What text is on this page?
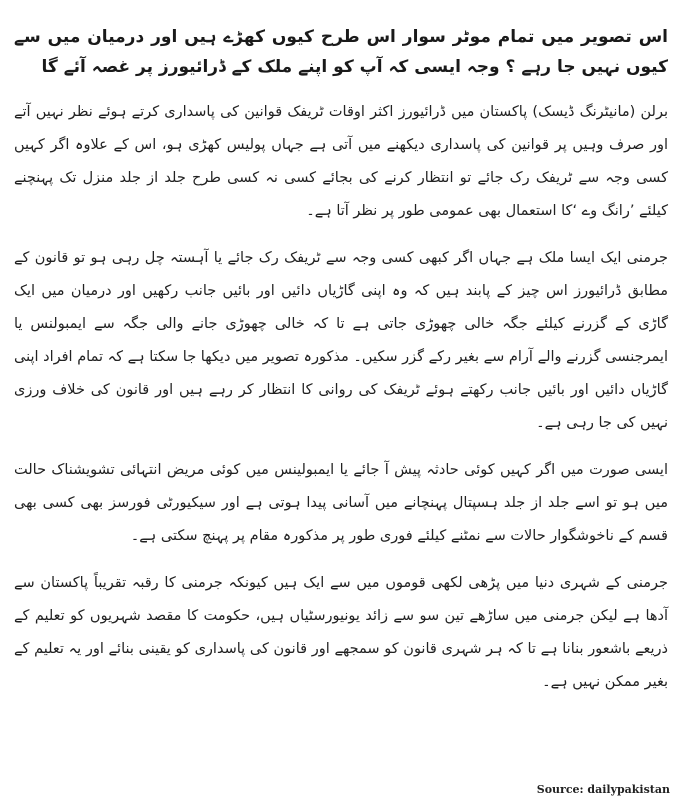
اس تصویر میں تمام موٹر سوار اس طرح کیوں کھڑے ہیں اور درمیان میں سے کیوں نہیں جا رہے ؟ وجہ ایسی کہ آپ کو اپنے ملک کے ڈرائیورز پر غصہ آئے گا

برلن (مانیٹرنگ ڈیسک) پاکستان میں ڈرائیورز اکثر اوقات ٹریفک قوانین کی پاسداری کرتے ہوئے نظر نہیں آتے اور صرف وہیں پر قوانین کی پاسداری دیکھنے میں آتی ہے جہاں پولیس کھڑی ہو، اس کے علاوہ اگر کہیں کسی وجہ سے ٹریفک رک جائے تو انتظار کرنے کی بجائے کسی نہ کسی طرح جلد از جلد منزل تک پہنچنے کیلئے ’رانگ وے ‘کا استعمال بھی عمومی طور پر نظر آتا ہے۔

جرمنی ایک ایسا ملک ہے جہاں اگر کبھی کسی وجہ سے ٹریفک رک جائے یا آہستہ چل رہی ہو تو قانون کے مطابق ڈرائیورز اس چیز کے پابند ہیں کہ وہ اپنی گاڑیاں دائیں اور بائیں جانب رکھیں اور درمیان میں ایک گاڑی کے گزرنے کیلئے جگہ خالی چھوڑی جاتی ہے تا کہ خالی چھوڑی جانے والی جگہ سے ایمبولنس یا ایمرجنسی گزرنے والے آرام سے بغیر رکے گزر سکیں۔ مذکورہ تصویر میں دیکھا جا سکتا ہے کہ تمام افراد اپنی گاڑیاں دائیں اور بائیں جانب رکھتے ہوئے ٹریفک کی روانی کا انتظار کر رہے ہیں اور قانون کی خلاف ورزی نہیں کی جا رہی ہے۔

ایسی صورت میں اگر کہیں کوئی حادثہ پیش آ جائے یا ایمبولینس میں کوئی مریض انتہائی تشویشناک حالت میں ہو تو اسے جلد از جلد ہسپتال پہنچانے میں آسانی پیدا ہوتی ہے اور سیکیورٹی فورسز بھی کسی بھی قسم کے ناخوشگوار حالات سے نمٹنے کیلئے فوری طور پر مذکورہ مقام پر پہنچ سکتی ہے۔

جرمنی کے شہری دنیا میں پڑھی لکھی قوموں میں سے ایک ہیں کیونکہ جرمنی کا رقبہ تقریباً پاکستان سے آدھا ہے لیکن جرمنی میں ساڑھے تین سو سے زائد یونیورسٹیاں ہیں، حکومت کا مقصد شہریوں کو تعلیم کے ذریعے باشعور بنانا ہے تا کہ ہر شہری قانون کو سمجھے اور قانون کی پاسداری کو یقینی بنائے اور یہ تعلیم کے بغیر ممکن نہیں ہے۔

Source: dailypakistan
